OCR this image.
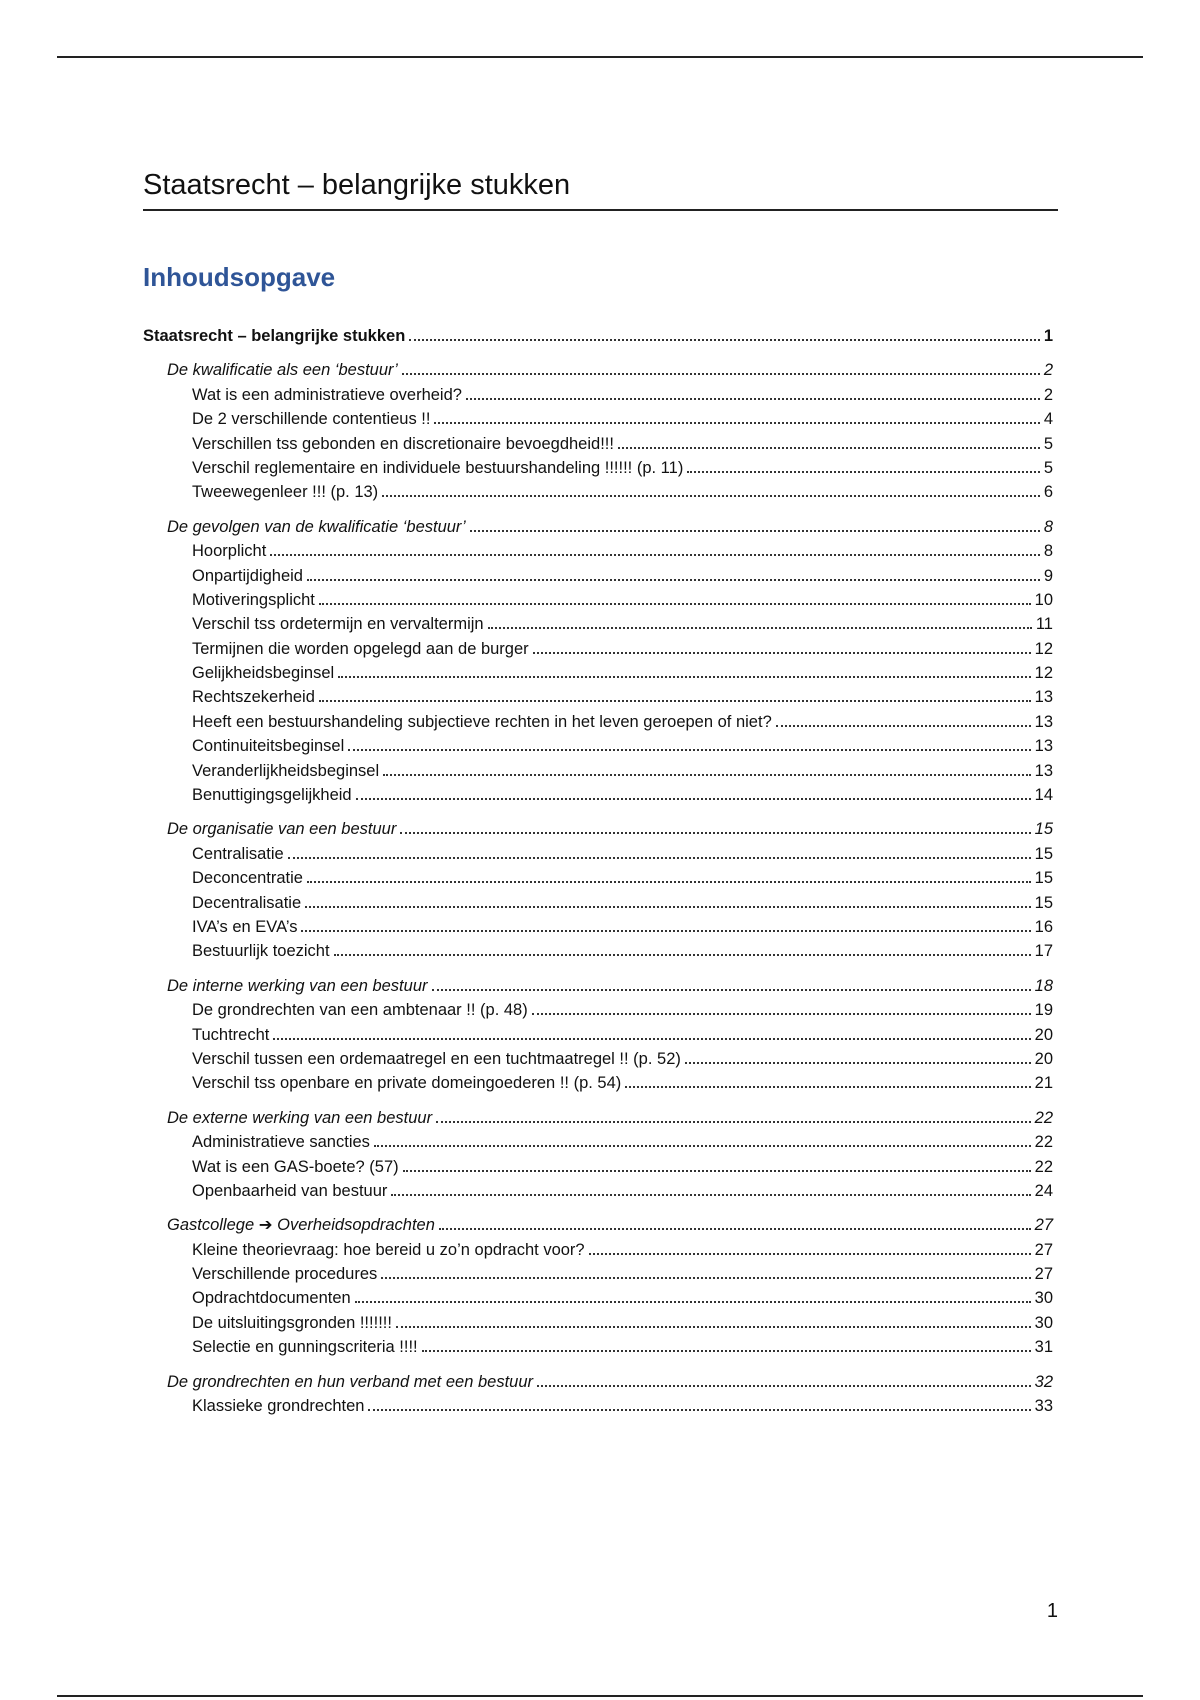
Staatsrecht – belangrijke stukken
Inhoudsopgave
Staatsrecht – belangrijke stukken	1
De kwalificatie als een ‘bestuur’	2
Wat is een administratieve overheid?	2
De 2 verschillende contentieus !!	4
Verschillen tss gebonden en discretionaire bevoegdheid!!!	5
Verschil reglementaire en individuele bestuurshandeling !!!!!! (p. 11)	5
Tweewegenleer !!! (p. 13)	6
De gevolgen van de kwalificatie ‘bestuur’	8
Hoorplicht	8
Onpartijdigheid	9
Motiveringsplicht	10
Verschil tss ordetermijn en vervaltermijn	11
Termijnen die worden opgelegd aan de burger	12
Gelijkheidsbeginsel	12
Rechtszekerheid	13
Heeft een bestuurshandeling subjectieve rechten in het leven geroepen of niet?	13
Continuiteitsbeginsel	13
Veranderlijkheidsbeginsel	13
Benuttigingsgelijkheid	14
De organisatie van een bestuur	15
Centralisatie	15
Deconcentratie	15
Decentralisatie	15
IVA’s en EVA’s	16
Bestuurlijk toezicht	17
De interne werking van een bestuur	18
De grondrechten van een ambtenaar !! (p. 48)	19
Tuchtrecht	20
Verschil tussen een ordemaatregel en een tuchtmaatregel !! (p. 52)	20
Verschil tss openbare en private domeingoederen !! (p. 54)	21
De externe werking van een bestuur	22
Administratieve sancties	22
Wat is een GAS-boete? (57)	22
Openbaarheid van bestuur	24
Gastcollege ➔ Overheidsopdrachten	27
Kleine theorievraag: hoe bereid u zo’n opdracht voor?	27
Verschillende procedures	27
Opdrachtdocumenten	30
De uitsluitingsgronden !!!!!!!	30
Selectie en gunningscriteria !!!!	31
De grondrechten en hun verband met een bestuur	32
Klassieke grondrechten	33
1
